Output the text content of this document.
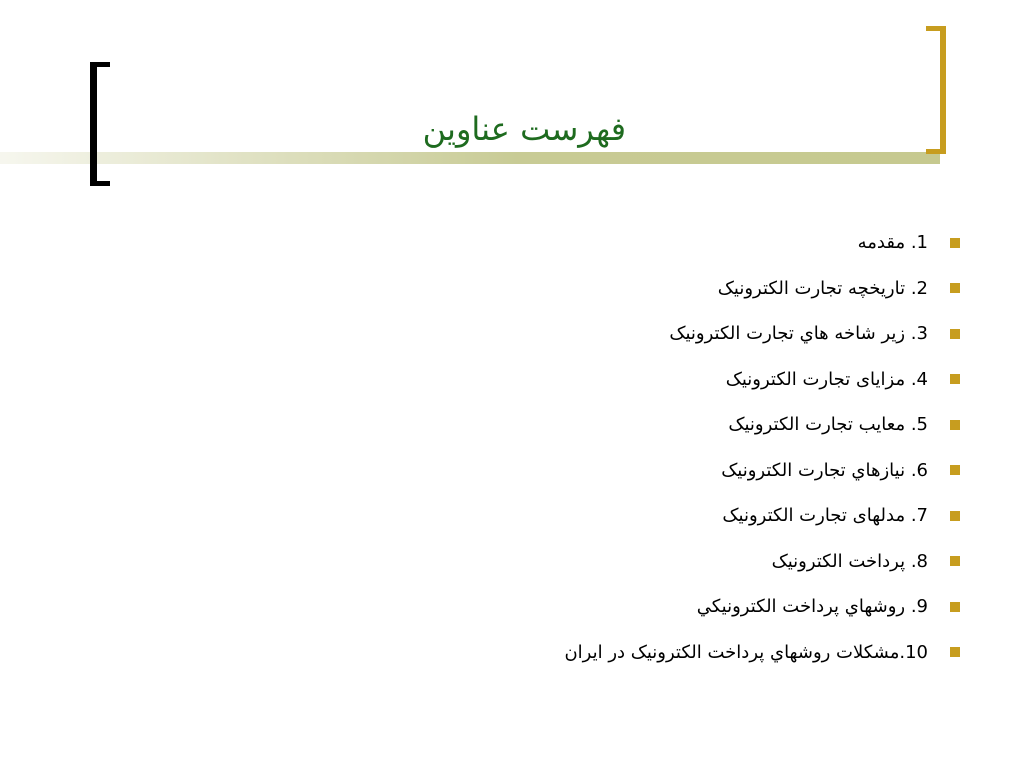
فهرست عناوين
1. مقدمه
2. تاریخچه تجارت الکترونیک
3. زیر شاخه هاي تجارت الکترونیک
4. مزایای تجارت الکترونیک
5. معایب تجارت الکترونیک
6. نيازهاي تجارت الکترونیک
7. مدلهای تجارت الکترونیک
8. پرداخت الکترونیک
9. روشهاي پرداخت الکترونيکي
10.مشکلات روشهاي پرداخت الکترونیک در ایران
